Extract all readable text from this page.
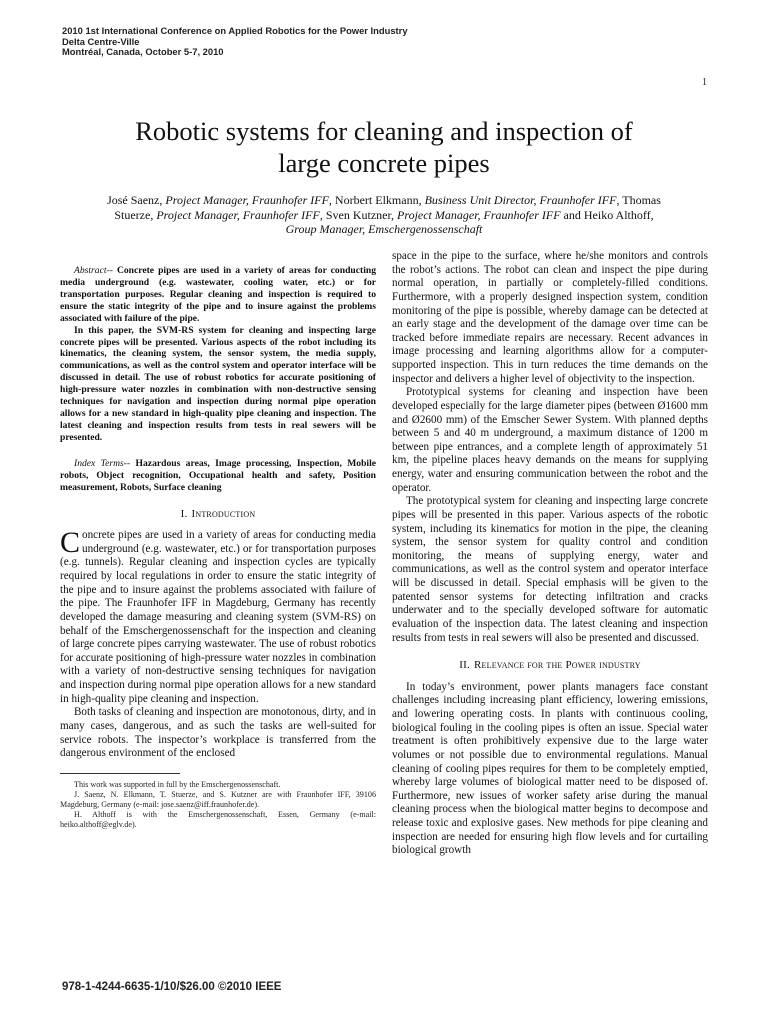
2010 1st International Conference on Applied Robotics for the Power Industry
Delta Centre-Ville
Montréal, Canada, October 5-7, 2010
1
Robotic systems for cleaning and inspection of
large concrete pipes
José Saenz, Project Manager, Fraunhofer IFF, Norbert Elkmann, Business Unit Director, Fraunhofer IFF, Thomas Stuerze, Project Manager, Fraunhofer IFF, Sven Kutzner, Project Manager, Fraunhofer IFF and Heiko Althoff, Group Manager, Emschergenossenschaft

Abstract-- Concrete pipes are used in a variety of areas for conducting media underground (e.g. wastewater, cooling water, etc.) or for transportation purposes. Regular cleaning and inspection is required to ensure the static integrity of the pipe and to insure against the problems associated with failure of the pipe.

In this paper, the SVM-RS system for cleaning and inspecting large concrete pipes will be presented. Various aspects of the robot including its kinematics, the cleaning system, the sensor system, the media supply, communications, as well as the control system and operator interface will be discussed in detail. The use of robust robotics for accurate positioning of high-pressure water nozzles in combination with non-destructive sensing techniques for navigation and inspection during normal pipe operation allows for a new standard in high-quality pipe cleaning and inspection. The latest cleaning and inspection results from tests in real sewers will be presented.

Index Terms-- Hazardous areas, Image processing, Inspection, Mobile robots, Object recognition, Occupational health and safety, Position measurement, Robots, Surface cleaning

I. Introduction

Concrete pipes are used in a variety of areas for conducting media underground (e.g. wastewater, etc.) or for transportation purposes (e.g. tunnels). Regular cleaning and inspection cycles are typically required by local regulations in order to ensure the static integrity of the pipe and to insure against the problems associated with failure of the pipe. The Fraunhofer IFF in Magdeburg, Germany has recently developed the damage measuring and cleaning system (SVM-RS) on behalf of the Emschergenossenschaft for the inspection and cleaning of large concrete pipes carrying wastewater. The use of robust robotics for accurate positioning of high-pressure water nozzles in combination with a variety of non-destructive sensing techniques for navigation and inspection during normal pipe operation allows for a new standard in high-quality pipe cleaning and inspection.

Both tasks of cleaning and inspection are monotonous, dirty, and in many cases, dangerous, and as such the tasks are well-suited for service robots. The inspector’s workplace is transferred from the dangerous environment of the enclosed

This work was supported in full by the Emschergenossenschaft.

J. Saenz, N. Elkmann, T. Stuerze, and S. Kutzner are with Fraunhofer IFF, 39106 Magdeburg, Germany (e-mail: jose.saenz@iff.fraunhofer.de).

H. Althoff is with the Emschergenossenschaft, Essen, Germany (e-mail: heiko.althoff@eglv.de).

space in the pipe to the surface, where he/she monitors and controls the robot’s actions. The robot can clean and inspect the pipe during normal operation, in partially or completely-filled conditions. Furthermore, with a properly designed inspection system, condition monitoring of the pipe is possible, whereby damage can be detected at an early stage and the development of the damage over time can be tracked before immediate repairs are necessary. Recent advances in image processing and learning algorithms allow for a computer-supported inspection. This in turn reduces the time demands on the inspector and delivers a higher level of objectivity to the inspection.

Prototypical systems for cleaning and inspection have been developed especially for the large diameter pipes (between Ø1600 mm and Ø2600 mm) of the Emscher Sewer System. With planned depths between 5 and 40 m underground, a maximum distance of 1200 m between pipe entrances, and a complete length of approximately 51 km, the pipeline places heavy demands on the means for supplying energy, water and ensuring communication between the robot and the operator.

The prototypical system for cleaning and inspecting large concrete pipes will be presented in this paper. Various aspects of the robotic system, including its kinematics for motion in the pipe, the cleaning system, the sensor system for quality control and condition monitoring, the means of supplying energy, water and communications, as well as the control system and operator interface will be discussed in detail. Special emphasis will be given to the patented sensor systems for detecting infiltration and cracks underwater and to the specially developed software for automatic evaluation of the inspection data. The latest cleaning and inspection results from tests in real sewers will also be presented and discussed.

II. Relevance for the Power industry

In today’s environment, power plants managers face constant challenges including increasing plant efficiency, lowering emissions, and lowering operating costs. In plants with continuous cooling, biological fouling in the cooling pipes is often an issue. Special water treatment is often prohibitively expensive due to the large water volumes or not possible due to environmental regulations. Manual cleaning of cooling pipes requires for them to be completely emptied, whereby large volumes of biological matter need to be disposed of. Furthermore, new issues of worker safety arise during the manual cleaning process when the biological matter begins to decompose and release toxic and explosive gases. New methods for pipe cleaning and inspection are needed for ensuring high flow levels and for curtailing biological growth

978-1-4244-6635-1/10/$26.00 ©2010 IEEE
